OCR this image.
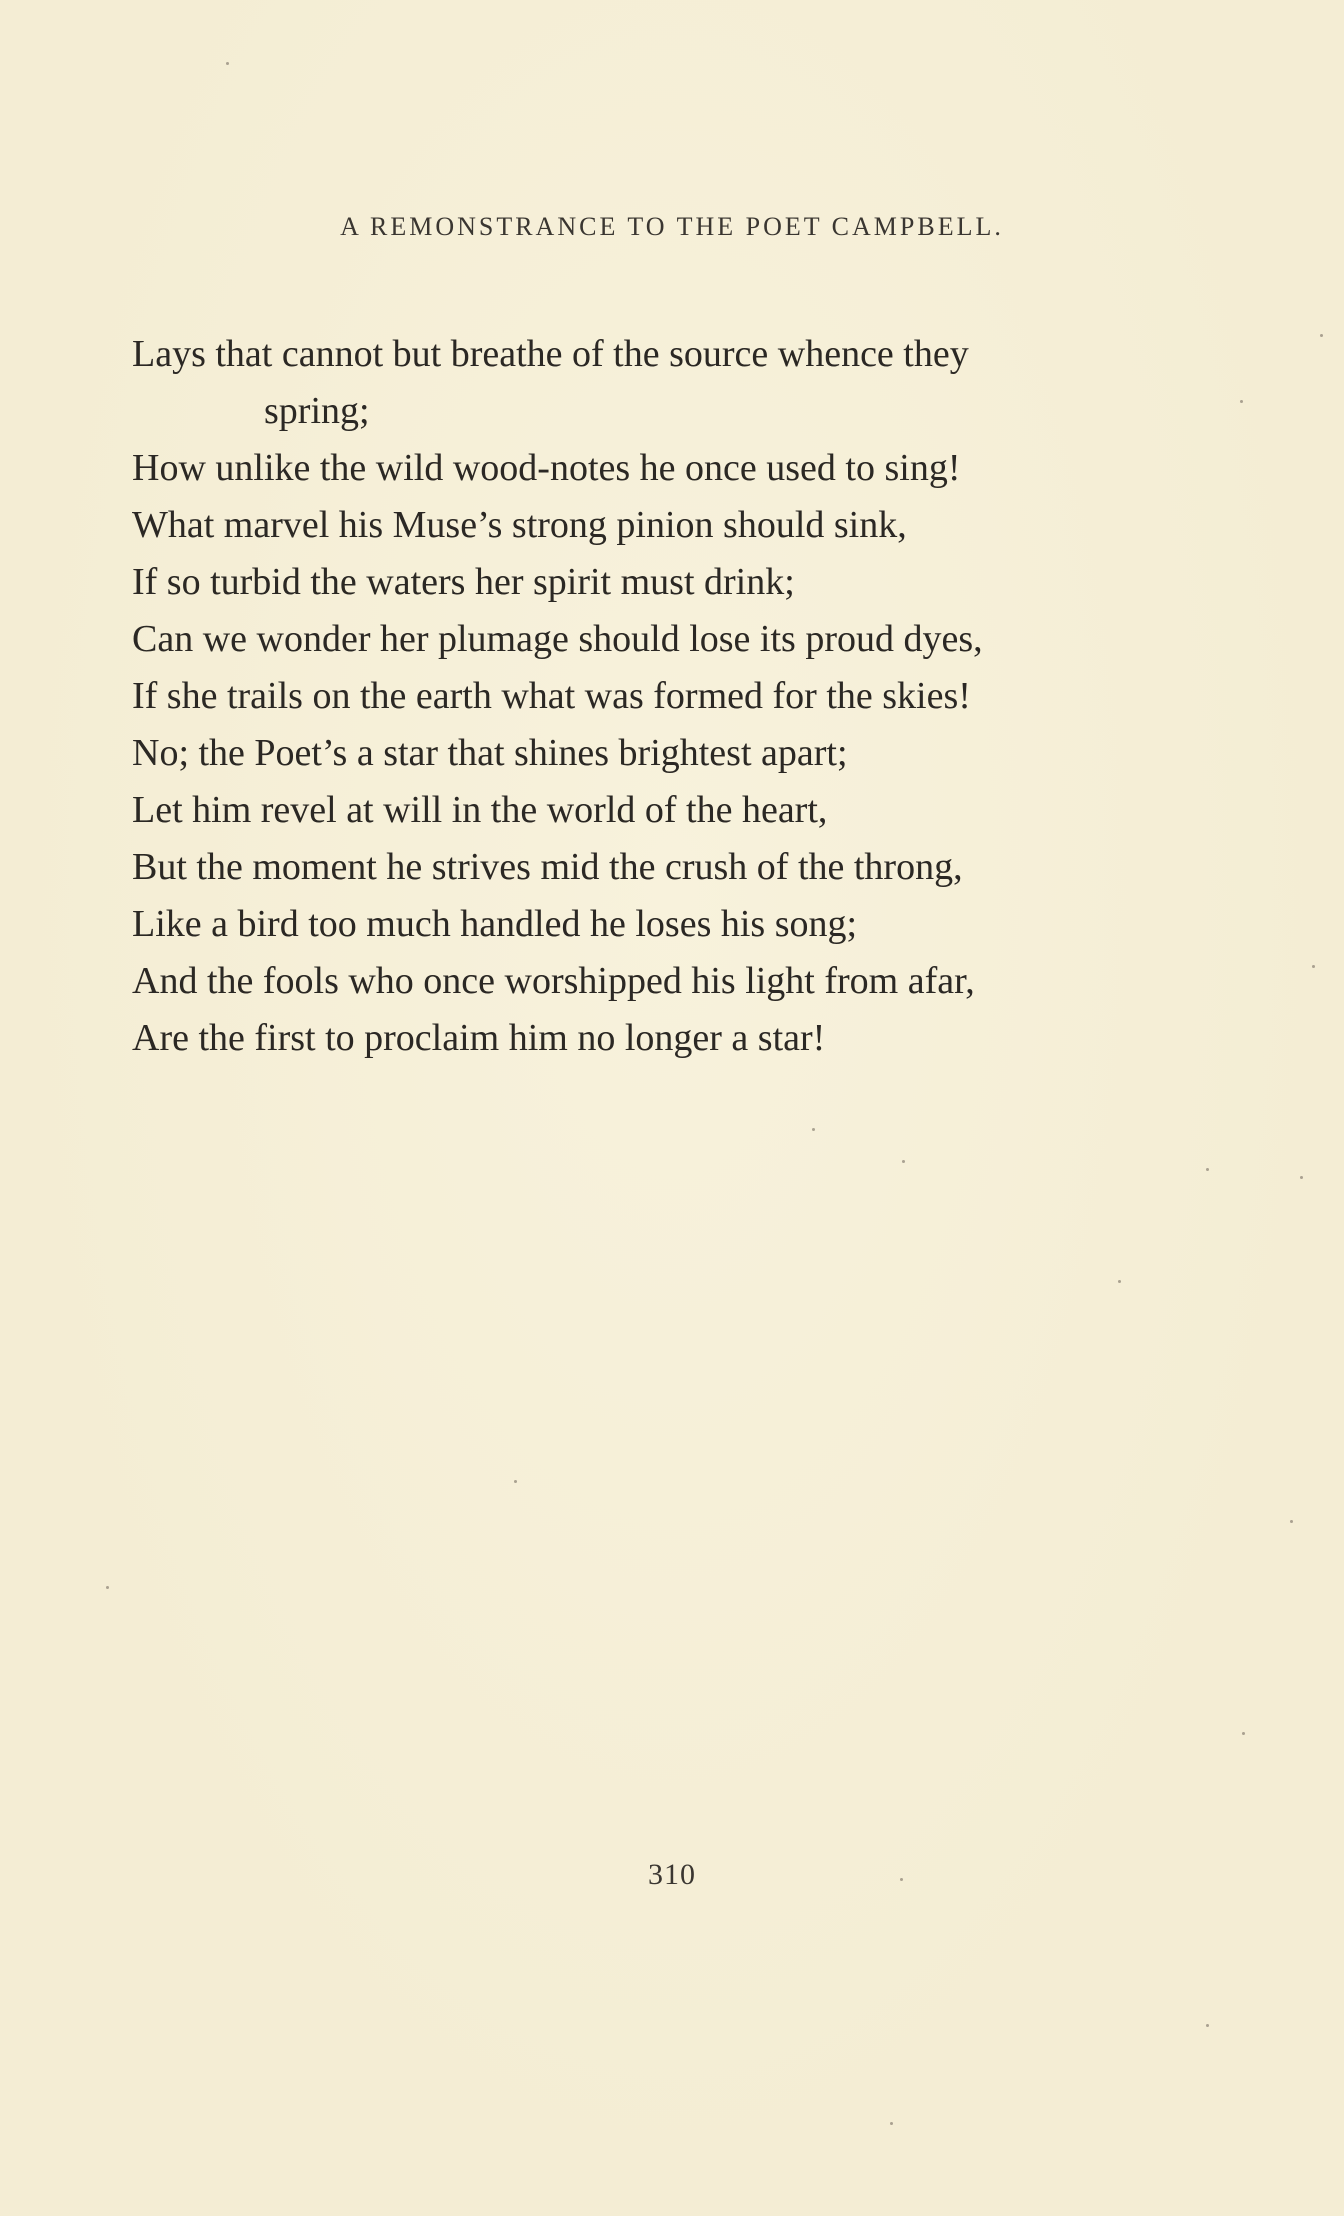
A REMONSTRANCE TO THE POET CAMPBELL.
Lays that cannot but breathe of the source whence they
spring;
How unlike the wild wood-notes he once used to sing!
What marvel his Muse’s strong pinion should sink,
If so turbid the waters her spirit must drink;
Can we wonder her plumage should lose its proud dyes,
If she trails on the earth what was formed for the skies!
No; the Poet’s a star that shines brightest apart;
Let him revel at will in the world of the heart,
But the moment he strives mid the crush of the throng,
Like a bird too much handled he loses his song;
And the fools who once worshipped his light from afar,
Are the first to proclaim him no longer a star!
310
